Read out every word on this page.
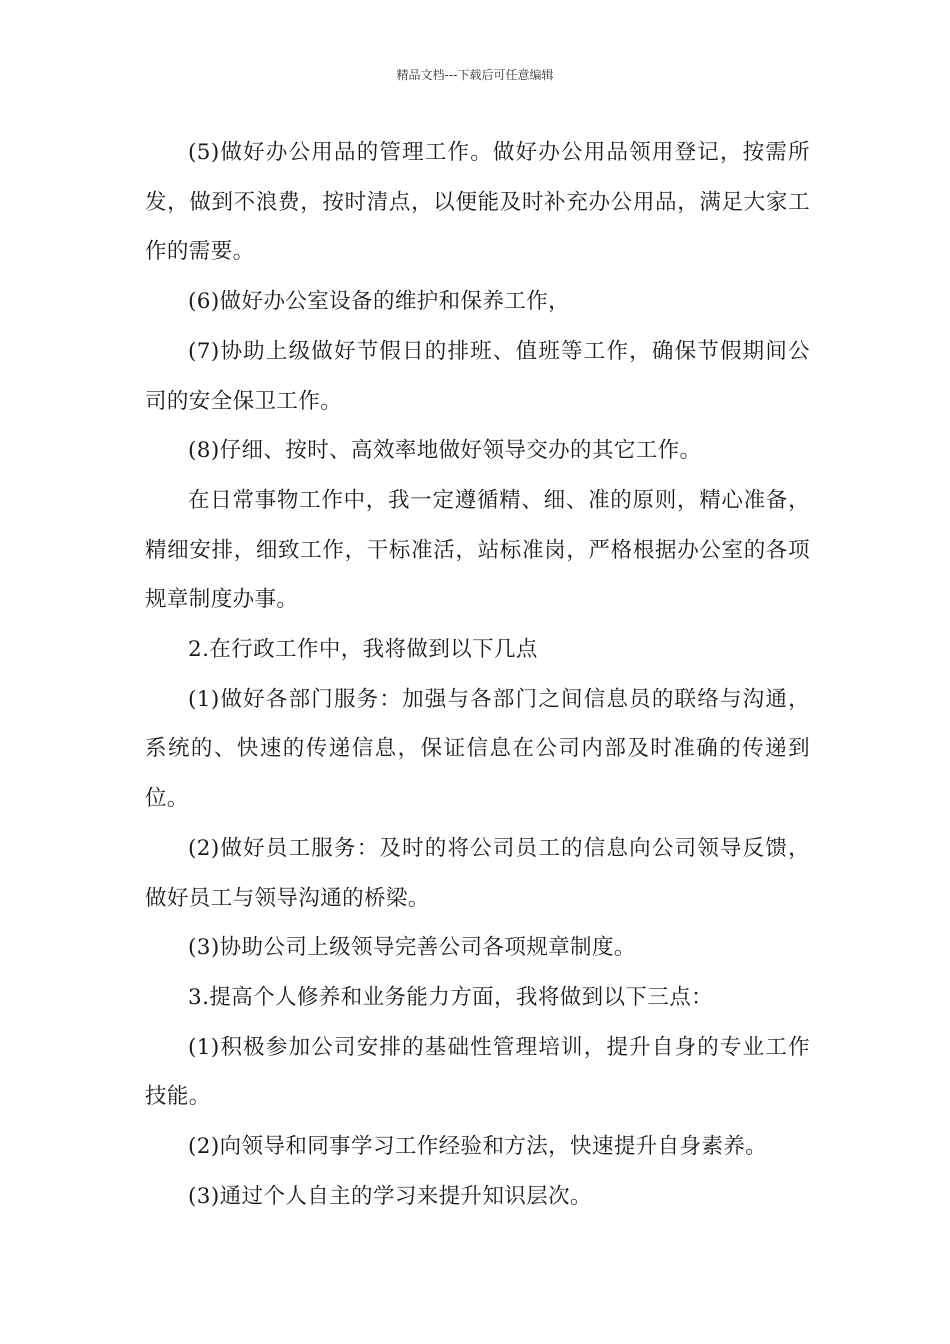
精品文档---下载后可任意编辑

(5)做好办公用品的管理工作。做好办公用品领用登记，按需所发，做到不浪费，按时清点，以便能及时补充办公用品，满足大家工作的需要。

(6)做好办公室设备的维护和保养工作，

(7)协助上级做好节假日的排班、值班等工作，确保节假期间公司的安全保卫工作。

(8)仔细、按时、高效率地做好领导交办的其它工作。

在日常事物工作中，我一定遵循精、细、准的原则，精心准备，精细安排，细致工作，干标准活，站标准岗，严格根据办公室的各项规章制度办事。

2.在行政工作中，我将做到以下几点

(1)做好各部门服务：加强与各部门之间信息员的联络与沟通，系统的、快速的传递信息，保证信息在公司内部及时准确的传递到位。

(2)做好员工服务：及时的将公司员工的信息向公司领导反馈，做好员工与领导沟通的桥梁。

(3)协助公司上级领导完善公司各项规章制度。

3.提高个人修养和业务能力方面，我将做到以下三点：

(1)积极参加公司安排的基础性管理培训，提升自身的专业工作技能。

(2)向领导和同事学习工作经验和方法，快速提升自身素养。

(3)通过个人自主的学习来提升知识层次。
